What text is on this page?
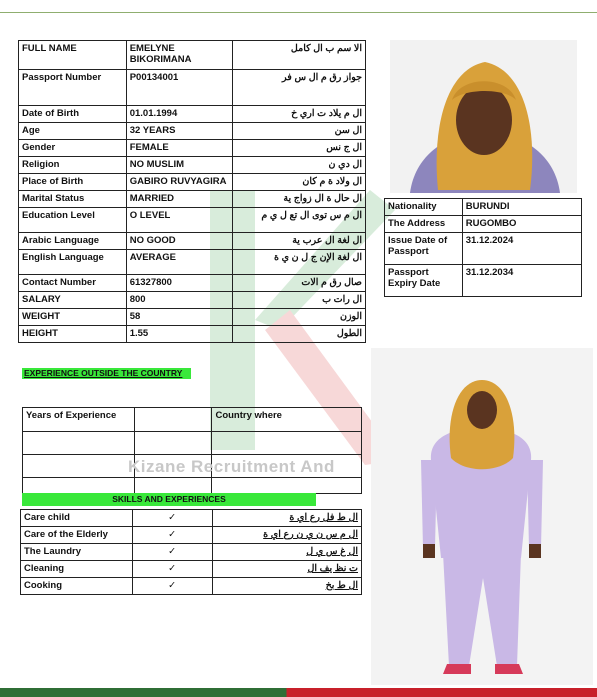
FULL NAME	EMELYNE BIKORIMANA	الا سم ب ال كامل
Passport Number	P00134001	جواز رق م ال س فر
Date of Birth	01.01.1994	ال م يلاد ت اري خ
Age	32 YEARS	ال سن
Gender	FEMALE	ال ج نس
Religion	NO MUSLIM	ال دي ن
Place of Birth	GABIRO RUVYAGIRA	ال ولاد ة م كان
Marital Status	MARRIED	ال حال ة ال زواج ية
Education Level	O LEVEL	ال م س توى ال تع ل ي م
Arabic Language	NO GOOD	ال لغة ال عرب ية
English Language	AVERAGE	ال لغة الإن ج ل ن ي ة
Contact Number	61327800	صال رق م الات
SALARY	800	ال رات ب
WEIGHT	58	الوزن
HEIGHT	1.55	الطول
Nationality	BURUNDI
The Address	RUGOMBO
Issue Date of Passport	31.12.2024
Passport Expiry Date	31.12.2034
EXPERIENCE OUTSIDE THE COUNTRY
Years of Experience		Country where

Kizane Recruitment And
SKILLS AND EXPERIENCES
Care child	✓	ال ط فل رع اي ة
Care of the Elderly	✓	ال م س ن ي ن رع اي ة
The Laundry	✓	ال غ س ي ل
Cleaning	✓	ت نظ يف ال
Cooking	✓	ال ط بخ
